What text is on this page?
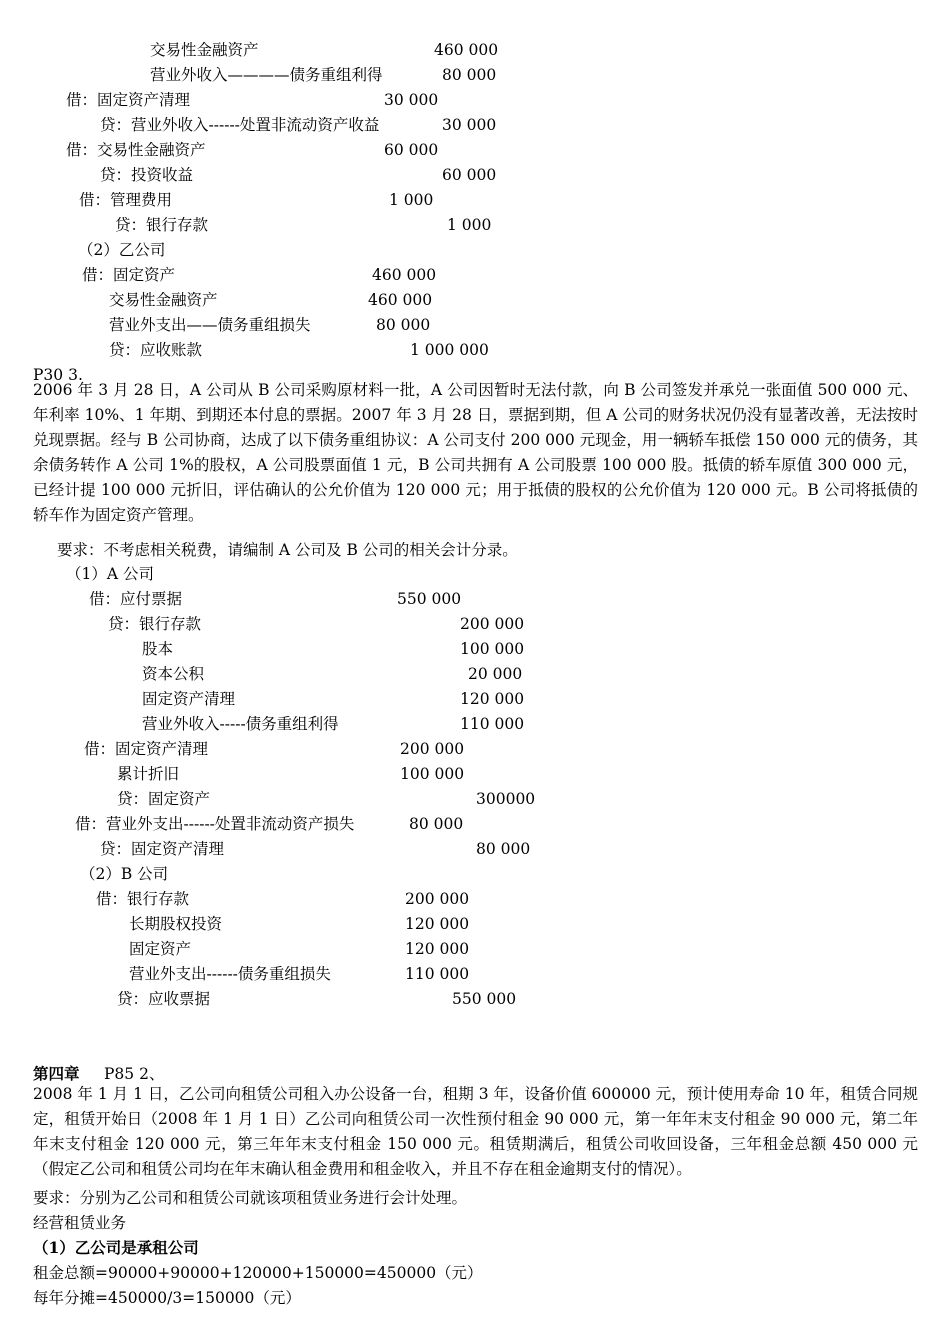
交易性金融资产	460 000
营业外收入————债务重组利得	80 000
借：固定资产清理	30 000
贷：营业外收入------处置非流动资产收益	30 000
借：交易性金融资产	60 000
贷：投资收益	60 000
借：管理费用	1 000
贷：银行存款	1 000
（2）乙公司
借：固定资产	460 000
交易性金融资产	460 000
营业外支出——债务重组损失	80 000
贷：应收账款	1 000 000
P30 3.
2006 年 3 月 28 日，A 公司从 B 公司采购原材料一批，A 公司因暂时无法付款，向 B 公司签发并承兑一张面值 500 000 元、年利率 10%、1 年期、到期还本付息的票据。2007 年 3 月 28 日，票据到期，但 A 公司的财务状况仍没有显著改善，无法按时兑现票据。经与 B 公司协商，达成了以下债务重组协议：A 公司支付 200 000 元现金，用一辆轿车抵偿 150 000 元的债务，其余债务转作 A 公司 1%的股权，A 公司股票面值 1 元，B 公司共拥有 A 公司股票 100 000 股。抵债的轿车原值 300 000 元，已经计提 100 000 元折旧，评估确认的公允价值为 120 000 元；用于抵债的股权的公允价值为 120 000 元。B 公司将抵债的轿车作为固定资产管理。
要求：不考虑相关税费，请编制 A 公司及 B 公司的相关会计分录。
（1）A 公司
借：应付票据	550 000
贷：银行存款	200 000
股本	100 000
资本公积	20 000
固定资产清理	120 000
营业外收入-----债务重组利得	110 000
借：固定资产清理	200 000
累计折旧	100 000
贷：固定资产	300000
借：营业外支出------处置非流动资产损失	80 000
贷：固定资产清理	80 000
（2）B 公司
借：银行存款	200 000
长期股权投资	120 000
固定资产	120 000
营业外支出------债务重组损失	110 000
贷：应收票据	550 000
第四章 P85 2、
2008 年 1 月 1 日，乙公司向租赁公司租入办公设备一台，租期 3 年，设备价值 600000 元，预计使用寿命 10 年，租赁合同规定，租赁开始日（2008 年 1 月 1 日）乙公司向租赁公司一次性预付租金 90 000 元，第一年年末支付租金 90 000 元，第二年年末支付租金 120 000 元，第三年年末支付租金 150 000 元。租赁期满后，租赁公司收回设备，三年租金总额 450 000 元（假定乙公司和租赁公司均在年末确认租金费用和租金收入，并且不存在租金逾期支付的情况）。
要求：分别为乙公司和租赁公司就该项租赁业务进行会计处理。
经营租赁业务
（1）乙公司是承租公司
租金总额=90000+90000+120000+150000=450000（元）
每年分摊=450000/3=150000（元）
